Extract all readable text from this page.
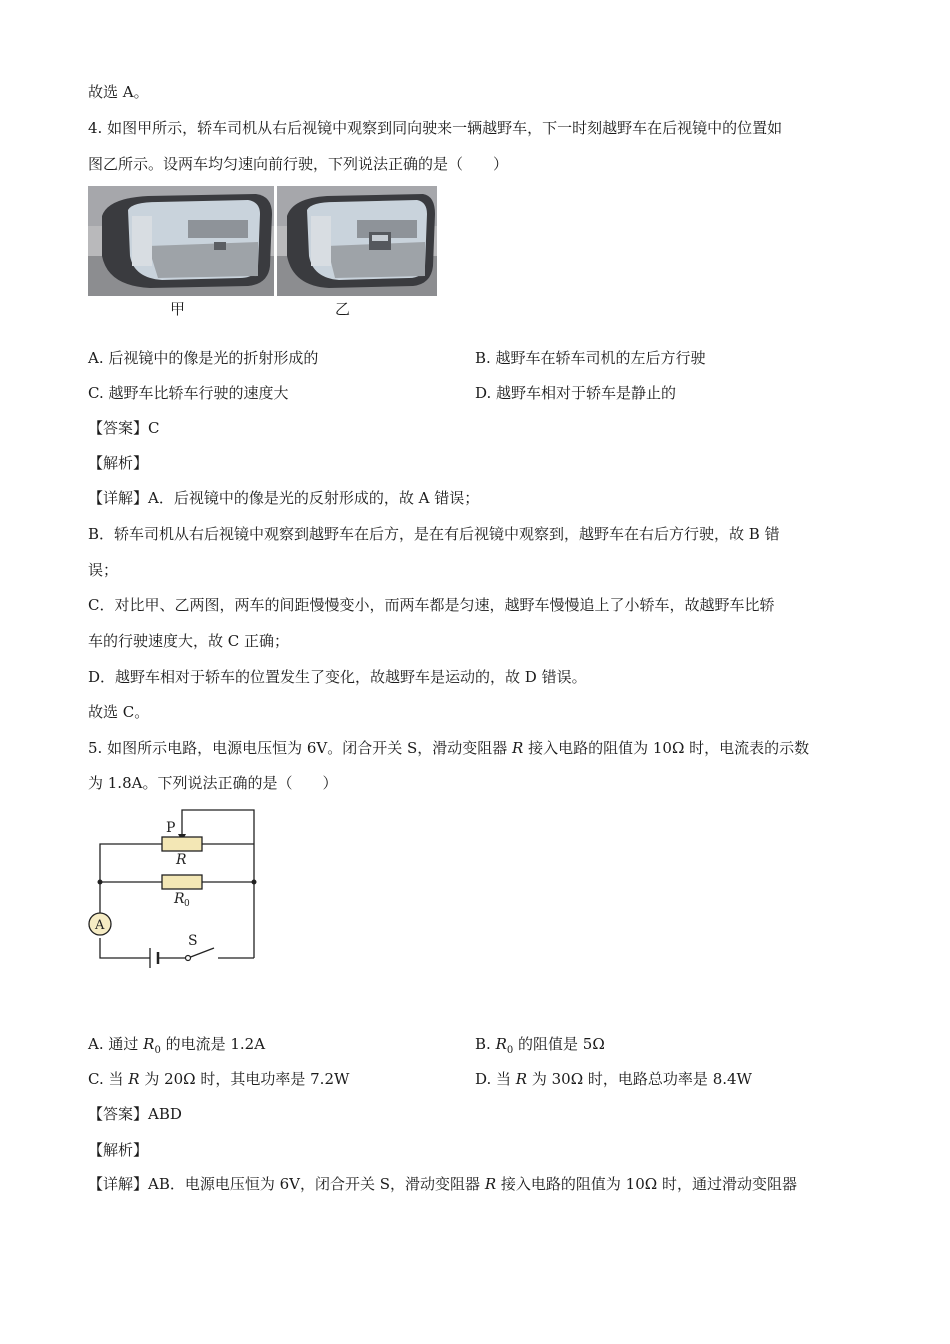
故选 A。
4. 如图甲所示，轿车司机从右后视镜中观察到同向驶来一辆越野车，下一时刻越野车在后视镜中的位置如
图乙所示。设两车均匀速向前行驶，下列说法正确的是（　　）
甲	乙
A. 后视镜中的像是光的折射形成的	B. 越野车在轿车司机的左后方行驶
C. 越野车比轿车行驶的速度大	D. 越野车相对于轿车是静止的
【答案】C
【解析】
【详解】A．后视镜中的像是光的反射形成的，故 A 错误；
B．轿车司机从右后视镜中观察到越野车在后方，是在有后视镜中观察到，越野车在右后方行驶，故 B 错
误；
C．对比甲、乙两图，两车的间距慢慢变小，而两车都是匀速，越野车慢慢追上了小轿车，故越野车比轿
车的行驶速度大，故 C 正确；
D．越野车相对于轿车的位置发生了变化，故越野车是运动的，故 D 错误。
故选 C。
5. 如图所示电路，电源电压恒为 6V。闭合开关 S，滑动变阻器 R 接入电路的阻值为 10Ω 时，电流表的示数
为 1.8A。下列说法正确的是（　　）
P
R
R 0
A
S
A. 通过 $R_0$ 的电流是 1.2A	B. $R_0$ 的阻值是 5Ω
C. 当 R 为 20Ω 时，其电功率是 7.2W	D. 当 R 为 30Ω 时，电路总功率是 8.4W
【答案】ABD
【解析】
【详解】AB．电源电压恒为 6V，闭合开关 S，滑动变阻器 R 接入电路的阻值为 10Ω 时，通过滑动变阻器
